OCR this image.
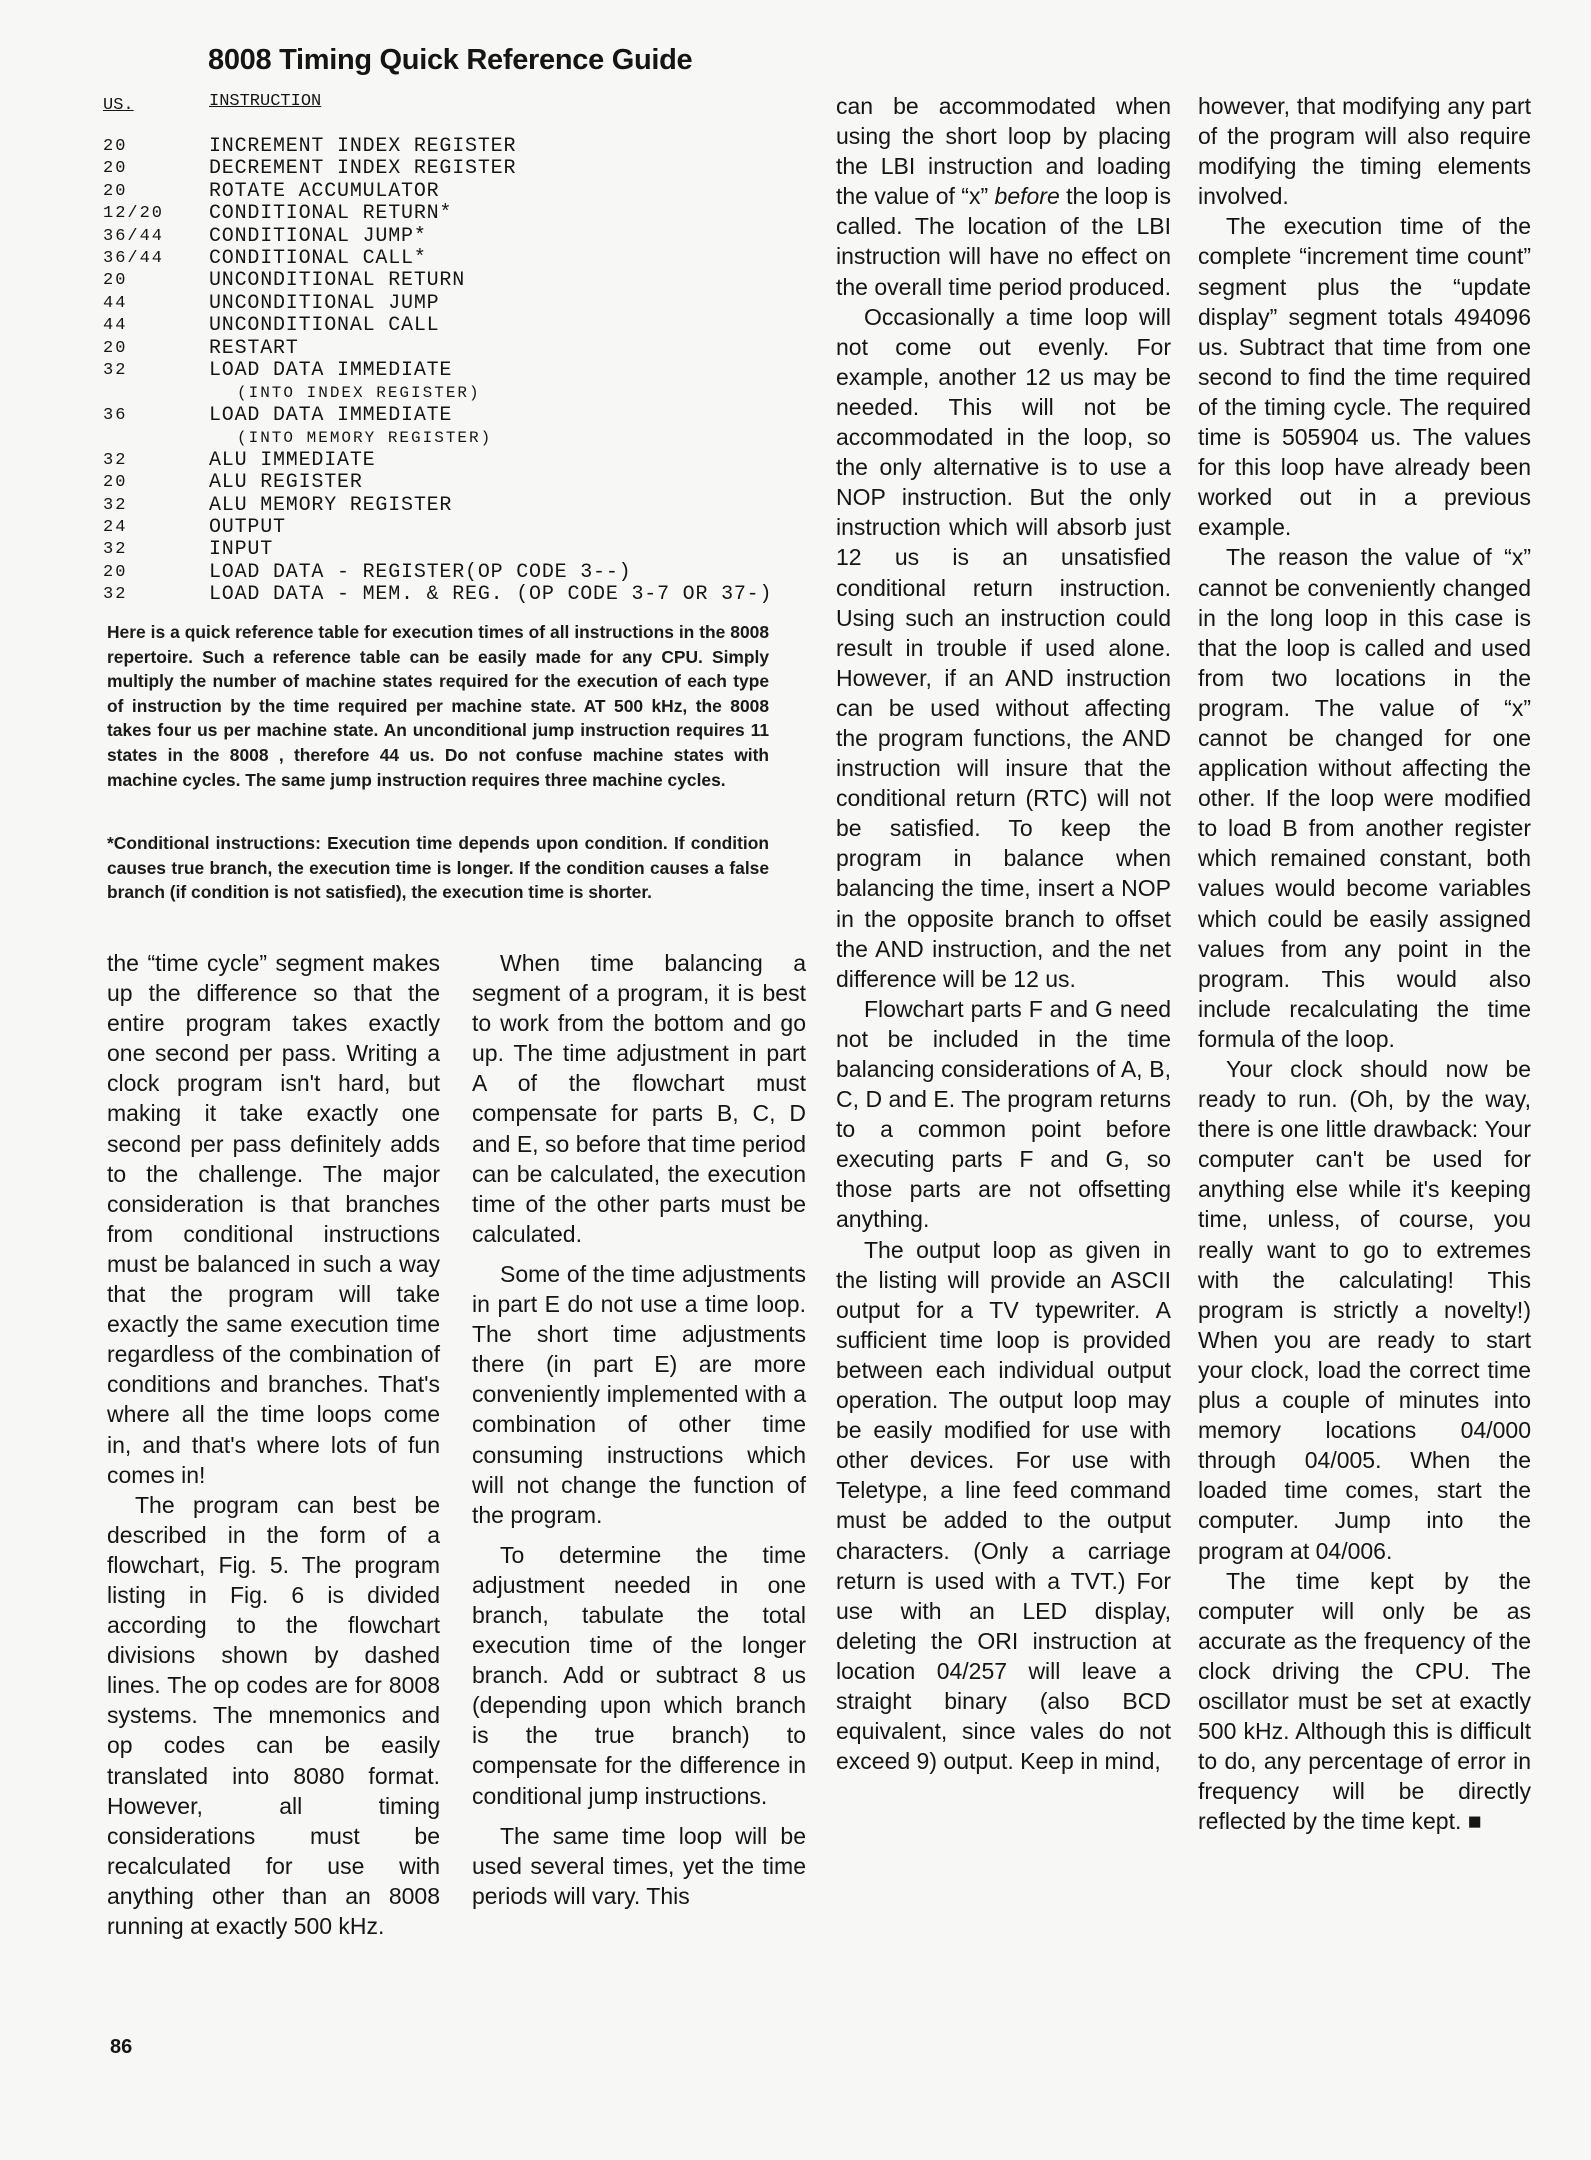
8008 Timing Quick Reference Guide
US.	INSTRUCTION
20	INCREMENT INDEX REGISTER
20	DECREMENT INDEX REGISTER
20	ROTATE ACCUMULATOR
12/20	CONDITIONAL RETURN*
36/44	CONDITIONAL JUMP*
36/44	CONDITIONAL CALL*
20	UNCONDITIONAL RETURN
44	UNCONDITIONAL JUMP
44	UNCONDITIONAL CALL
20	RESTART
32	LOAD DATA IMMEDIATE
(INTO INDEX REGISTER)
36	LOAD DATA IMMEDIATE
(INTO MEMORY REGISTER)
32	ALU IMMEDIATE
20	ALU REGISTER
32	ALU MEMORY REGISTER
24	OUTPUT
32	INPUT
20	LOAD DATA - REGISTER(OP CODE 3--)
32	LOAD DATA - MEM. & REG. (OP CODE 3-7 OR 37-)
Here is a quick reference table for execution times of all instructions in the 8008 repertoire. Such a reference table can be easily made for any CPU. Simply multiply the number of machine states required for the execution of each type of instruction by the time required per machine state. AT 500 kHz, the 8008 takes four us per machine state. An unconditional jump instruction requires 11 states in the 8008 , therefore 44 us. Do not confuse machine states with machine cycles. The same jump instruction requires three machine cycles.
*Conditional instructions: Execution time depends upon condition. If condition causes true branch, the execution time is longer. If the condition causes a false branch (if condition is not satisfied), the execution time is shorter.

the “time cycle” segment makes up the difference so that the entire program takes exactly one second per pass. Writing a clock program isn't hard, but making it take exactly one second per pass definitely adds to the challenge. The major consideration is that branches from conditional instructions must be balanced in such a way that the program will take exactly the same execution time regardless of the combination of conditions and branches. That's where all the time loops come in, and that's where lots of fun comes in!

The program can best be described in the form of a flowchart, Fig. 5. The program listing in Fig. 6 is divided according to the flowchart divisions shown by dashed lines. The op codes are for 8008 systems. The mnemonics and op codes can be easily translated into 8080 format. However, all timing considerations must be recalculated for use with anything other than an 8008 running at exactly 500 kHz.

When time balancing a segment of a program, it is best to work from the bottom and go up. The time adjustment in part A of the flowchart must compensate for parts B, C, D and E, so before that time period can be calculated, the execution time of the other parts must be calculated.

Some of the time adjustments in part E do not use a time loop. The short time adjustments there (in part E) are more conveniently implemented with a combination of other time consuming instructions which will not change the function of the program.

To determine the time adjustment needed in one branch, tabulate the total execution time of the longer branch. Add or subtract 8 us (depending upon which branch is the true branch) to compensate for the difference in conditional jump instructions.

The same time loop will be used several times, yet the time periods will vary. This

can be accommodated when using the short loop by placing the LBI instruction and loading the value of “x” before the loop is called. The location of the LBI instruction will have no effect on the overall time period produced.

Occasionally a time loop will not come out evenly. For example, another 12 us may be needed. This will not be accommodated in the loop, so the only alternative is to use a NOP instruction. But the only instruction which will absorb just 12 us is an unsatisfied conditional return instruction. Using such an instruction could result in trouble if used alone. However, if an AND instruction can be used without affecting the program functions, the AND instruction will insure that the conditional return (RTC) will not be satisfied. To keep the program in balance when balancing the time, insert a NOP in the opposite branch to offset the AND instruction, and the net difference will be 12 us.

Flowchart parts F and G need not be included in the time balancing considerations of A, B, C, D and E. The program returns to a common point before executing parts F and G, so those parts are not offsetting anything.

The output loop as given in the listing will provide an ASCII output for a TV typewriter. A sufficient time loop is provided between each individual output operation. The output loop may be easily modified for use with other devices. For use with Teletype, a line feed command must be added to the output characters. (Only a carriage return is used with a TVT.) For use with an LED display, deleting the ORI instruction at location 04/257 will leave a straight binary (also BCD equivalent, since vales do not exceed 9) output. Keep in mind,

however, that modifying any part of the program will also require modifying the timing elements involved.

The execution time of the complete “increment time count” segment plus the “update display” segment totals 494096 us. Subtract that time from one second to find the time required of the timing cycle. The required time is 505904 us. The values for this loop have already been worked out in a previous example.

The reason the value of “x” cannot be conveniently changed in the long loop in this case is that the loop is called and used from two locations in the program. The value of “x” cannot be changed for one application without affecting the other. If the loop were modified to load B from another register which remained constant, both values would become variables which could be easily assigned values from any point in the program. This would also include recalculating the time formula of the loop.

Your clock should now be ready to run. (Oh, by the way, there is one little drawback: Your computer can't be used for anything else while it's keeping time, unless, of course, you really want to go to extremes with the calculating! This program is strictly a novelty!) When you are ready to start your clock, load the correct time plus a couple of minutes into memory locations 04/000 through 04/005. When the loaded time comes, start the computer. Jump into the program at 04/006.

The time kept by the computer will only be as accurate as the frequency of the clock driving the CPU. The oscillator must be set at exactly 500 kHz. Although this is difficult to do, any percentage of error in frequency will be directly reflected by the time kept. ■

86
